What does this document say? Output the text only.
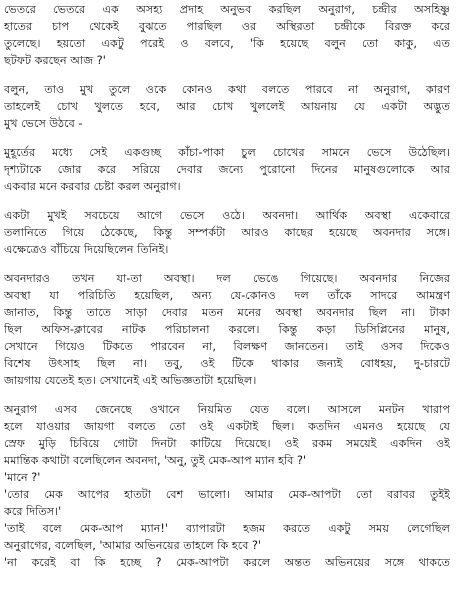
ভেতরে ভেতরে এক অসহ্য প্রদাহ অনুভব করছিল অনুরাগ, চন্দ্রীর অসহিষ্ণু
হাতের চাপ থেকেই বুঝতে পারছিল ওর অস্থিরতা চন্দ্রীকে বিরক্ত করে
তুলেছে। হয়তো একটু পরেই ও বলবে, 'কি হয়েছে বলুন তো কাকু, এত
ছটফট করছেন আজ ?'
বলুন, তাও মুখ তুলে ওকে কোনও কথা বলতে পারবে না অনুরাগ, কারণ
তাহলেই চোখ খুলতে হবে, আর চোখ খুললেই আয়নায় যে একটা অদ্ভুত
মুখ ভেসে উঠবে -
মুহূর্তের মধ্যে সেই একগুচ্ছ কাঁচা-পাকা চুল চোখের সামনে ভেসে উঠেছিল।
দৃশ্যটাকে জোর করে সরিয়ে দেবার জন্যে পুরোনো দিনের মানুষগুলোকে আর
একবার মনে করবার চেষ্টা করল অনুরাগ।
একটা মুখই সবচেয়ে আগে ভেসে ওঠে। অবনদা। আর্থিক অবস্থা একেবারে
তলানিতে গিয়ে ঠেকেছে, কিন্তু সম্পর্কটা আরও কাছের হয়েছে অবনদার সঙ্গে।
এক্ষেত্রেও বাঁচিয়ে দিয়েছিলেন তিনিই।
অবনদারও তখন যা-তা অবস্থা। দল ভেঙে গিয়েছে। অবনদার নিজের
অবস্থা যা পরিচিতি হয়েছিল, অন্য যে-কোনও দল তাঁকে সাদরে আমন্ত্রণ
জানাত, কিন্তু তাতে সাড়া দেবার মতন মনের অবস্থা অবনদার ছিল না। টাকা
ছিল অফিস-ক্লাবের নাটক পরিচালনা করলে। কিন্তু কড়া ডিসিপ্লিনের মানুষ,
সেখানে গিয়েও টিকতে পারবেন না, বিলক্ষণ জানতেন। তাই ওসব দিকেও
বিশেষ উৎসাহ ছিল না। তবু, ওই টিকে থাকার জন্যই বোধহয়, দু-চারটে
জায়গায় যেতেই হত। সেখানেই এই অভিজ্ঞতাটা হয়েছিল।
অনুরাগ এসব জেনেছে ওখানে নিয়মিত যেত বলে। আসলে মনটন খারাপ
হলে যাওয়ার জায়গা বলতে তো ওই একটাই ছিল। কতদিন এমনও হয়েছে যে
স্রেফ মুড়ি চিবিয়ে গোটা দিনটা কাটিয়ে দিয়েছে। ওই রকম সময়েই একদিন ওই
মমান্তিক কথাটা বলেছিলেন অবনদা, 'অনু, তুই মেক-আপ ম্যান হবি ?'
'মানে ?'
'তোর মেক আপের হাতটা বেশ ভালো। আমার মেক-আপটা তো বরাবর তুইই
করে দিতিস।'
'তাই বলে মেক-আপ ম্যান!' ব্যাপারটা হজম করতে একটু সময় লেগেছিল
অনুরাগের, বলেছিল, 'আমার অভিনয়ের তাহলে কি হবে ?'
'না করেই বা কি হচ্ছে ? মেক-আপটা করলে অন্তত অভিনয়ের সঙ্গে থাকতে
